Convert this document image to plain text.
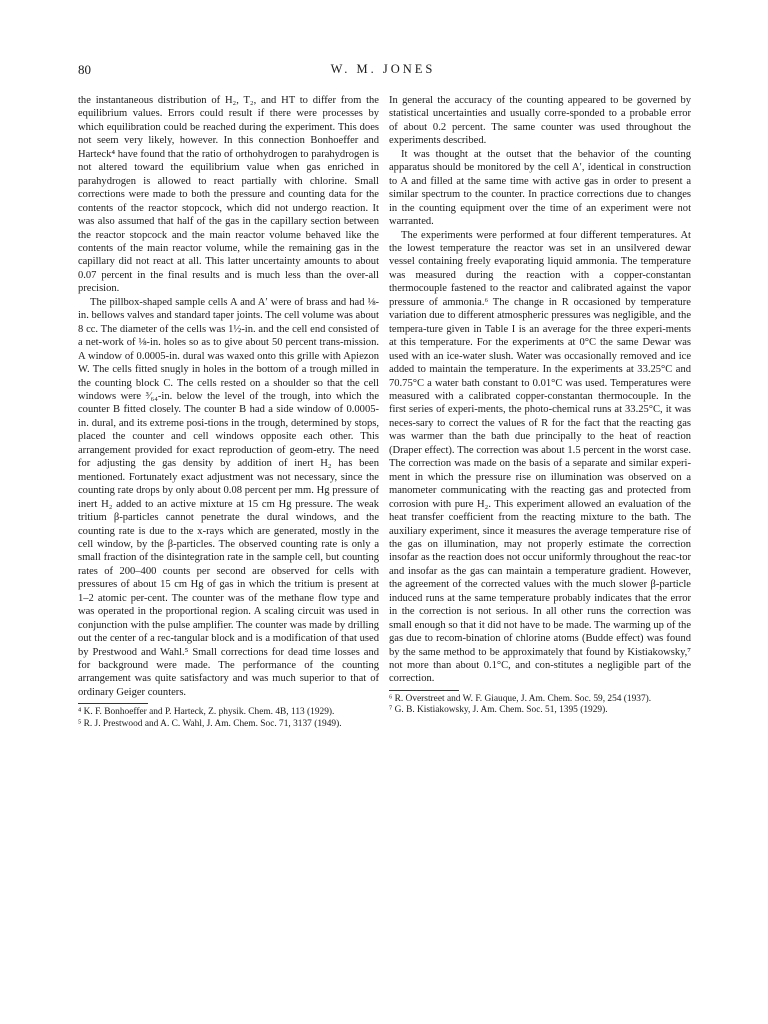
80	W. M. JONES

the instantaneous distribution of H₂, T₂, and HT to differ from the equilibrium values. Errors could result if there were processes by which equilibration could be reached during the experiment. This does not seem very likely, however. In this connection Bonhoeffer and Harteck⁴ have found that the ratio of orthohydrogen to parahydrogen is not altered toward the equilibrium value when gas enriched in parahydrogen is allowed to react partially with chlorine. Small corrections were made to both the pressure and counting data for the contents of the reactor stopcock, which did not undergo reaction. It was also assumed that half of the gas in the capillary section between the reactor stopcock and the main reactor volume behaved like the contents of the main reactor volume, while the remaining gas in the capillary did not react at all. This latter uncertainty amounts to about 0.07 percent in the final results and is much less than the over-all precision.

The pillbox-shaped sample cells A and A′ were of brass and had ⅛-in. bellows valves and standard taper joints. The cell volume was about 8 cc. The diameter of the cells was 1½-in. and the cell end consisted of a net-work of ⅛-in. holes so as to give about 50 percent trans-mission. A window of 0.0005-in. dural was waxed onto this grille with Apiezon W. The cells fitted snugly in holes in the bottom of a trough milled in the counting block C. The cells rested on a shoulder so that the cell windows were ³⁄₆₄-in. below the level of the trough, into which the counter B fitted closely. The counter B had a side window of 0.0005-in. dural, and its extreme posi-tions in the trough, determined by stops, placed the counter and cell windows opposite each other. This arrangement provided for exact reproduction of geom-etry. The need for adjusting the gas density by addition of inert H₂ has been mentioned. Fortunately exact adjustment was not necessary, since the counting rate drops by only about 0.08 percent per mm. Hg pressure of inert H₂ added to an active mixture at 15 cm Hg pressure. The weak tritium β-particles cannot penetrate the dural windows, and the counting rate is due to the x-rays which are generated, mostly in the cell window, by the β-particles. The observed counting rate is only a small fraction of the disintegration rate in the sample cell, but counting rates of 200–400 counts per second are observed for cells with pressures of about 15 cm Hg of gas in which the tritium is present at 1–2 atomic per-cent. The counter was of the methane flow type and was operated in the proportional region. A scaling circuit was used in conjunction with the pulse amplifier. The counter was made by drilling out the center of a rec-tangular block and is a modification of that used by Prestwood and Wahl.⁵ Small corrections for dead time losses and for background were made. The performance of the counting arrangement was quite satisfactory and was much superior to that of ordinary Geiger counters.

⁴ K. F. Bonhoeffer and P. Harteck, Z. physik. Chem. 4B, 113 (1929).

⁵ R. J. Prestwood and A. C. Wahl, J. Am. Chem. Soc. 71, 3137 (1949).

In general the accuracy of the counting appeared to be governed by statistical uncertainties and usually corre-sponded to a probable error of about 0.2 percent. The same counter was used throughout the experiments described.

It was thought at the outset that the behavior of the counting apparatus should be monitored by the cell A′, identical in construction to A and filled at the same time with active gas in order to present a similar spectrum to the counter. In practice corrections due to changes in the counting equipment over the time of an experiment were not warranted.

The experiments were performed at four different temperatures. At the lowest temperature the reactor was set in an unsilvered dewar vessel containing freely evaporating liquid ammonia. The temperature was measured during the reaction with a copper-constantan thermocouple fastened to the reactor and calibrated against the vapor pressure of ammonia.⁶ The change in R occasioned by temperature variation due to different atmospheric pressures was negligible, and the tempera-ture given in Table I is an average for the three experi-ments at this temperature. For the experiments at 0°C the same Dewar was used with an ice-water slush. Water was occasionally removed and ice added to maintain the temperature. In the experiments at 33.25°C and 70.75°C a water bath constant to 0.01°C was used. Temperatures were measured with a calibrated copper-constantan thermocouple. In the first series of experi-ments, the photo-chemical runs at 33.25°C, it was neces-sary to correct the values of R for the fact that the reacting gas was warmer than the bath due principally to the heat of reaction (Draper effect). The correction was about 1.5 percent in the worst case. The correction was made on the basis of a separate and similar experi-ment in which the pressure rise on illumination was observed on a manometer communicating with the reacting gas and protected from corrosion with pure H₂. This experiment allowed an evaluation of the heat transfer coefficient from the reacting mixture to the bath. The auxiliary experiment, since it measures the average temperature rise of the gas on illumination, may not properly estimate the correction insofar as the reaction does not occur uniformly throughout the reac-tor and insofar as the gas can maintain a temperature gradient. However, the agreement of the corrected values with the much slower β-particle induced runs at the same temperature probably indicates that the error in the correction is not serious. In all other runs the correction was small enough so that it did not have to be made. The warming up of the gas due to recom-bination of chlorine atoms (Budde effect) was found by the same method to be approximately that found by Kistiakowsky,⁷ not more than about 0.1°C, and con-stitutes a negligible part of the correction.

⁶ R. Overstreet and W. F. Giauque, J. Am. Chem. Soc. 59, 254 (1937).

⁷ G. B. Kistiakowsky, J. Am. Chem. Soc. 51, 1395 (1929).
